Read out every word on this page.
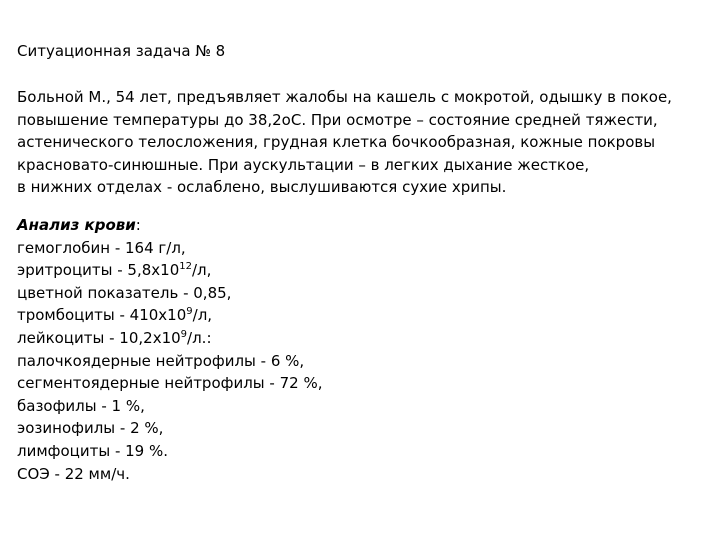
Ситуационная задача № 8
Больной М., 54 лет, предъявляет жалобы на кашель с мокротой, одышку в покое,
повышение температуры до 38,2oC. При осмотре – состояние средней тяжести,
астенического телосложения, грудная клетка бочкообразная, кожные покровы
красновато-синюшные. При аускультации – в легких дыхание жесткое,
в нижних отделах - ослаблено, выслушиваются сухие хрипы.
Анализ крови:
гемоглобин - 164 г/л,
эритроциты - $5,8х10^{12}/л$,
цветной показатель - 0,85,
тромбоциты - $410х10^9/л$,
лейкоциты - $10,2х10^9/л$.:
палочкоядерные нейтрофилы - 6 %,
сегментоядерные нейтрофилы - 72 %,
базофилы - 1 %,
эозинофилы - 2 %,
лимфоциты - 19 %.
СОЭ - 22 мм/ч.
